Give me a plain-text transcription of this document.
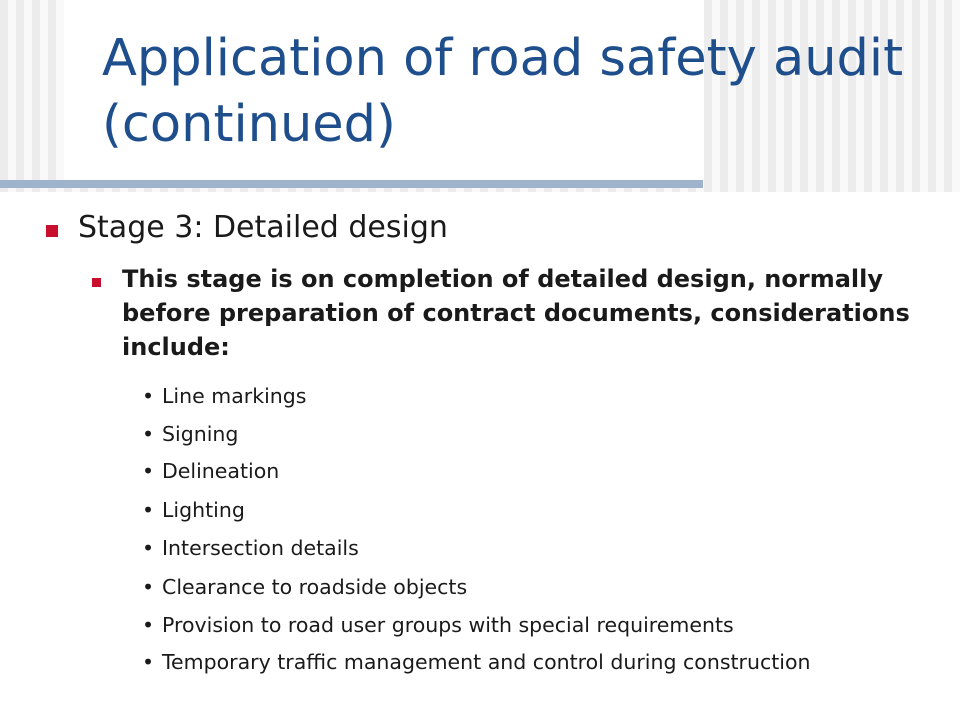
Application of road safety audit (continued)

Stage 3: Detailed design

This stage is on completion of detailed design, normally before preparation of contract documents, considerations include:

• Line markings
• Signing
• Delineation
• Lighting
• Intersection details
• Clearance to roadside objects
• Provision to road user groups with special requirements
• Temporary traffic management and control during construction
